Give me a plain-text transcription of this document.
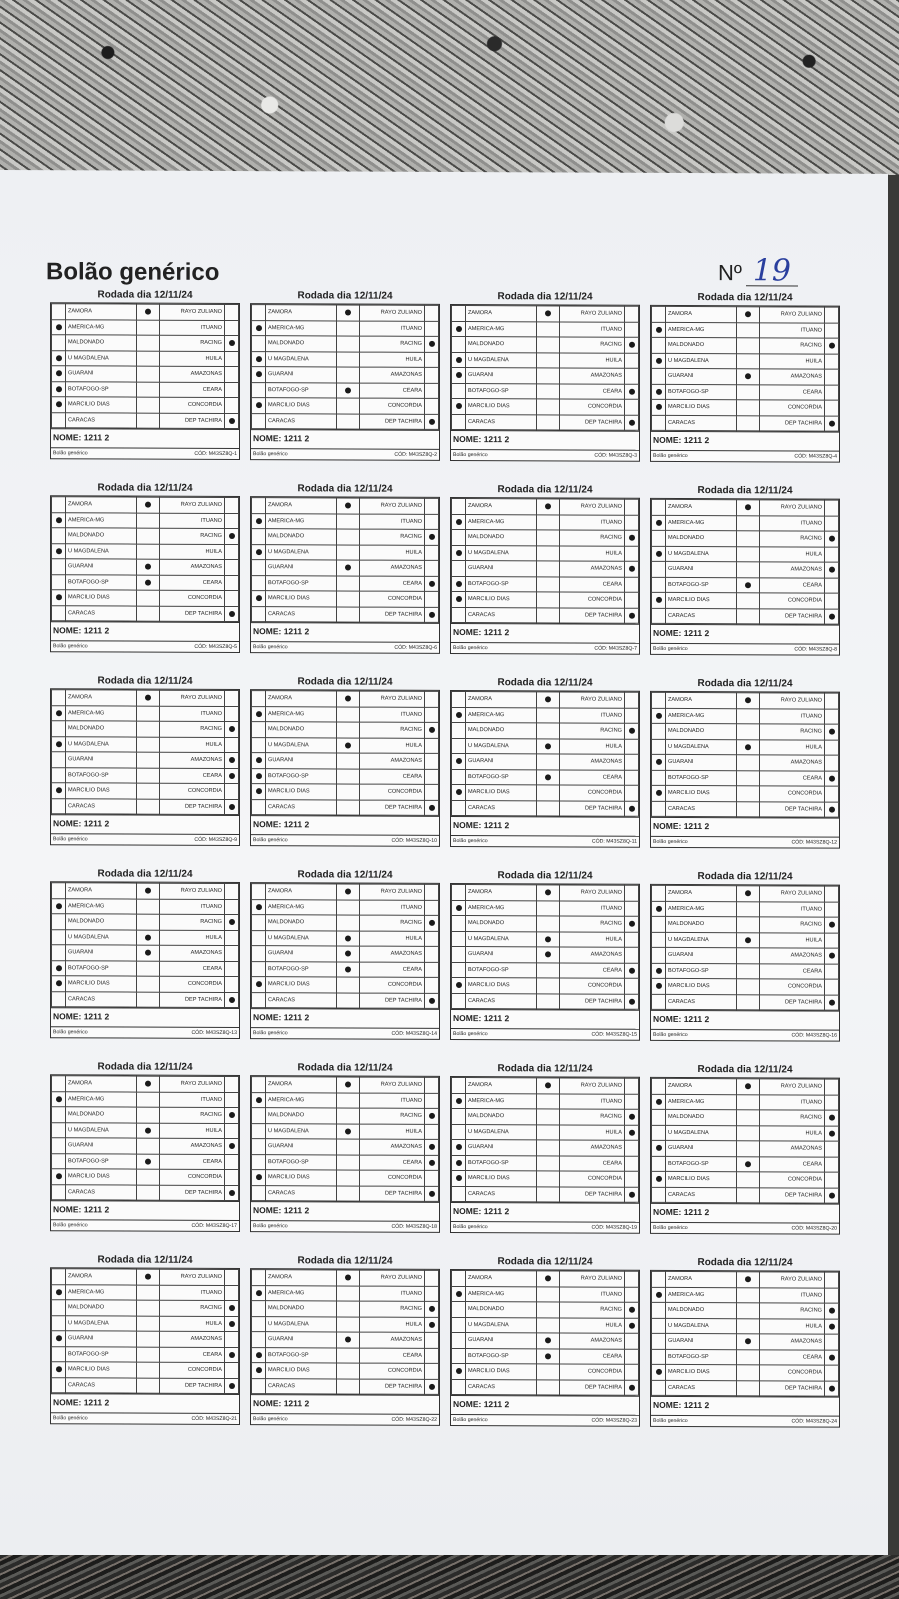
Bolão genérico	Nº 19
Rodada dia 12/11/24
	ZAMORA		RAYO ZULIANO	
	AMERICA-MG		ITUANO	
	MALDONADO		RACING	
	U MAGDALENA		HUILA	
	GUARANI		AMAZONAS	
	BOTAFOGO-SP		CEARA	
	MARCILIO DIAS		CONCORDIA	
	CARACAS		DEP TACHIRA	
NOME: 1211 2
Bolão genérico	CÓD: M43SZ8Q-1
Rodada dia 12/11/24
	ZAMORA		RAYO ZULIANO	
	AMERICA-MG		ITUANO	
	MALDONADO		RACING	
	U MAGDALENA		HUILA	
	GUARANI		AMAZONAS	
	BOTAFOGO-SP		CEARA	
	MARCILIO DIAS		CONCORDIA	
	CARACAS		DEP TACHIRA	
NOME: 1211 2
Bolão genérico	CÓD: M43SZ8Q-2
Rodada dia 12/11/24
	ZAMORA		RAYO ZULIANO	
	AMERICA-MG		ITUANO	
	MALDONADO		RACING	
	U MAGDALENA		HUILA	
	GUARANI		AMAZONAS	
	BOTAFOGO-SP		CEARA	
	MARCILIO DIAS		CONCORDIA	
	CARACAS		DEP TACHIRA	
NOME: 1211 2
Bolão genérico	CÓD: M43SZ8Q-3
Rodada dia 12/11/24
	ZAMORA		RAYO ZULIANO	
	AMERICA-MG		ITUANO	
	MALDONADO		RACING	
	U MAGDALENA		HUILA	
	GUARANI		AMAZONAS	
	BOTAFOGO-SP		CEARA	
	MARCILIO DIAS		CONCORDIA	
	CARACAS		DEP TACHIRA	
NOME: 1211 2
Bolão genérico	CÓD: M43SZ8Q-4
Rodada dia 12/11/24
	ZAMORA		RAYO ZULIANO	
	AMERICA-MG		ITUANO	
	MALDONADO		RACING	
	U MAGDALENA		HUILA	
	GUARANI		AMAZONAS	
	BOTAFOGO-SP		CEARA	
	MARCILIO DIAS		CONCORDIA	
	CARACAS		DEP TACHIRA	
NOME: 1211 2
Bolão genérico	CÓD: M43SZ8Q-5
Rodada dia 12/11/24
	ZAMORA		RAYO ZULIANO	
	AMERICA-MG		ITUANO	
	MALDONADO		RACING	
	U MAGDALENA		HUILA	
	GUARANI		AMAZONAS	
	BOTAFOGO-SP		CEARA	
	MARCILIO DIAS		CONCORDIA	
	CARACAS		DEP TACHIRA	
NOME: 1211 2
Bolão genérico	CÓD: M43SZ8Q-6
Rodada dia 12/11/24
	ZAMORA		RAYO ZULIANO	
	AMERICA-MG		ITUANO	
	MALDONADO		RACING	
	U MAGDALENA		HUILA	
	GUARANI		AMAZONAS	
	BOTAFOGO-SP		CEARA	
	MARCILIO DIAS		CONCORDIA	
	CARACAS		DEP TACHIRA	
NOME: 1211 2
Bolão genérico	CÓD: M43SZ8Q-7
Rodada dia 12/11/24
	ZAMORA		RAYO ZULIANO	
	AMERICA-MG		ITUANO	
	MALDONADO		RACING	
	U MAGDALENA		HUILA	
	GUARANI		AMAZONAS	
	BOTAFOGO-SP		CEARA	
	MARCILIO DIAS		CONCORDIA	
	CARACAS		DEP TACHIRA	
NOME: 1211 2
Bolão genérico	CÓD: M43SZ8Q-8
Rodada dia 12/11/24
	ZAMORA		RAYO ZULIANO	
	AMERICA-MG		ITUANO	
	MALDONADO		RACING	
	U MAGDALENA		HUILA	
	GUARANI		AMAZONAS	
	BOTAFOGO-SP		CEARA	
	MARCILIO DIAS		CONCORDIA	
	CARACAS		DEP TACHIRA	
NOME: 1211 2
Bolão genérico	CÓD: M43SZ8Q-9
Rodada dia 12/11/24
	ZAMORA		RAYO ZULIANO	
	AMERICA-MG		ITUANO	
	MALDONADO		RACING	
	U MAGDALENA		HUILA	
	GUARANI		AMAZONAS	
	BOTAFOGO-SP		CEARA	
	MARCILIO DIAS		CONCORDIA	
	CARACAS		DEP TACHIRA	
NOME: 1211 2
Bolão genérico	CÓD: M43SZ8Q-10
Rodada dia 12/11/24
	ZAMORA		RAYO ZULIANO	
	AMERICA-MG		ITUANO	
	MALDONADO		RACING	
	U MAGDALENA		HUILA	
	GUARANI		AMAZONAS	
	BOTAFOGO-SP		CEARA	
	MARCILIO DIAS		CONCORDIA	
	CARACAS		DEP TACHIRA	
NOME: 1211 2
Bolão genérico	CÓD: M43SZ8Q-11
Rodada dia 12/11/24
	ZAMORA		RAYO ZULIANO	
	AMERICA-MG		ITUANO	
	MALDONADO		RACING	
	U MAGDALENA		HUILA	
	GUARANI		AMAZONAS	
	BOTAFOGO-SP		CEARA	
	MARCILIO DIAS		CONCORDIA	
	CARACAS		DEP TACHIRA	
NOME: 1211 2
Bolão genérico	CÓD: M43SZ8Q-12
Rodada dia 12/11/24
	ZAMORA		RAYO ZULIANO	
	AMERICA-MG		ITUANO	
	MALDONADO		RACING	
	U MAGDALENA		HUILA	
	GUARANI		AMAZONAS	
	BOTAFOGO-SP		CEARA	
	MARCILIO DIAS		CONCORDIA	
	CARACAS		DEP TACHIRA	
NOME: 1211 2
Bolão genérico	CÓD: M43SZ8Q-13
Rodada dia 12/11/24
	ZAMORA		RAYO ZULIANO	
	AMERICA-MG		ITUANO	
	MALDONADO		RACING	
	U MAGDALENA		HUILA	
	GUARANI		AMAZONAS	
	BOTAFOGO-SP		CEARA	
	MARCILIO DIAS		CONCORDIA	
	CARACAS		DEP TACHIRA	
NOME: 1211 2
Bolão genérico	CÓD: M43SZ8Q-14
Rodada dia 12/11/24
	ZAMORA		RAYO ZULIANO	
	AMERICA-MG		ITUANO	
	MALDONADO		RACING	
	U MAGDALENA		HUILA	
	GUARANI		AMAZONAS	
	BOTAFOGO-SP		CEARA	
	MARCILIO DIAS		CONCORDIA	
	CARACAS		DEP TACHIRA	
NOME: 1211 2
Bolão genérico	CÓD: M43SZ8Q-15
Rodada dia 12/11/24
	ZAMORA		RAYO ZULIANO	
	AMERICA-MG		ITUANO	
	MALDONADO		RACING	
	U MAGDALENA		HUILA	
	GUARANI		AMAZONAS	
	BOTAFOGO-SP		CEARA	
	MARCILIO DIAS		CONCORDIA	
	CARACAS		DEP TACHIRA	
NOME: 1211 2
Bolão genérico	CÓD: M43SZ8Q-16
Rodada dia 12/11/24
	ZAMORA		RAYO ZULIANO	
	AMERICA-MG		ITUANO	
	MALDONADO		RACING	
	U MAGDALENA		HUILA	
	GUARANI		AMAZONAS	
	BOTAFOGO-SP		CEARA	
	MARCILIO DIAS		CONCORDIA	
	CARACAS		DEP TACHIRA	
NOME: 1211 2
Bolão genérico	CÓD: M43SZ8Q-17
Rodada dia 12/11/24
	ZAMORA		RAYO ZULIANO	
	AMERICA-MG		ITUANO	
	MALDONADO		RACING	
	U MAGDALENA		HUILA	
	GUARANI		AMAZONAS	
	BOTAFOGO-SP		CEARA	
	MARCILIO DIAS		CONCORDIA	
	CARACAS		DEP TACHIRA	
NOME: 1211 2
Bolão genérico	CÓD: M43SZ8Q-18
Rodada dia 12/11/24
	ZAMORA		RAYO ZULIANO	
	AMERICA-MG		ITUANO	
	MALDONADO		RACING	
	U MAGDALENA		HUILA	
	GUARANI		AMAZONAS	
	BOTAFOGO-SP		CEARA	
	MARCILIO DIAS		CONCORDIA	
	CARACAS		DEP TACHIRA	
NOME: 1211 2
Bolão genérico	CÓD: M43SZ8Q-19
Rodada dia 12/11/24
	ZAMORA		RAYO ZULIANO	
	AMERICA-MG		ITUANO	
	MALDONADO		RACING	
	U MAGDALENA		HUILA	
	GUARANI		AMAZONAS	
	BOTAFOGO-SP		CEARA	
	MARCILIO DIAS		CONCORDIA	
	CARACAS		DEP TACHIRA	
NOME: 1211 2
Bolão genérico	CÓD: M43SZ8Q-20
Rodada dia 12/11/24
	ZAMORA		RAYO ZULIANO	
	AMERICA-MG		ITUANO	
	MALDONADO		RACING	
	U MAGDALENA		HUILA	
	GUARANI		AMAZONAS	
	BOTAFOGO-SP		CEARA	
	MARCILIO DIAS		CONCORDIA	
	CARACAS		DEP TACHIRA	
NOME: 1211 2
Bolão genérico	CÓD: M43SZ8Q-21
Rodada dia 12/11/24
	ZAMORA		RAYO ZULIANO	
	AMERICA-MG		ITUANO	
	MALDONADO		RACING	
	U MAGDALENA		HUILA	
	GUARANI		AMAZONAS	
	BOTAFOGO-SP		CEARA	
	MARCILIO DIAS		CONCORDIA	
	CARACAS		DEP TACHIRA	
NOME: 1211 2
Bolão genérico	CÓD: M43SZ8Q-22
Rodada dia 12/11/24
	ZAMORA		RAYO ZULIANO	
	AMERICA-MG		ITUANO	
	MALDONADO		RACING	
	U MAGDALENA		HUILA	
	GUARANI		AMAZONAS	
	BOTAFOGO-SP		CEARA	
	MARCILIO DIAS		CONCORDIA	
	CARACAS		DEP TACHIRA	
NOME: 1211 2
Bolão genérico	CÓD: M43SZ8Q-23
Rodada dia 12/11/24
	ZAMORA		RAYO ZULIANO	
	AMERICA-MG		ITUANO	
	MALDONADO		RACING	
	U MAGDALENA		HUILA	
	GUARANI		AMAZONAS	
	BOTAFOGO-SP		CEARA	
	MARCILIO DIAS		CONCORDIA	
	CARACAS		DEP TACHIRA	
NOME: 1211 2
Bolão genérico	CÓD: M43SZ8Q-24
